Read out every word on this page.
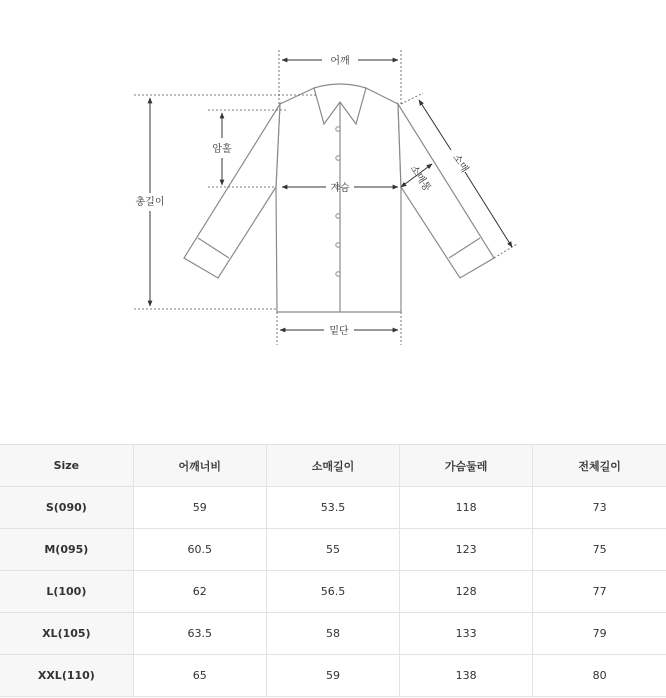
어깨
총길이
암홀
가슴
밑단
소매
소매통
Size	어깨너비	소매길이	가슴둘레	전체길이
S(090)	59	53.5	118	73
M(095)	60.5	55	123	75
L(100)	62	56.5	128	77
XL(105)	63.5	58	133	79
XXL(110)	65	59	138	80
